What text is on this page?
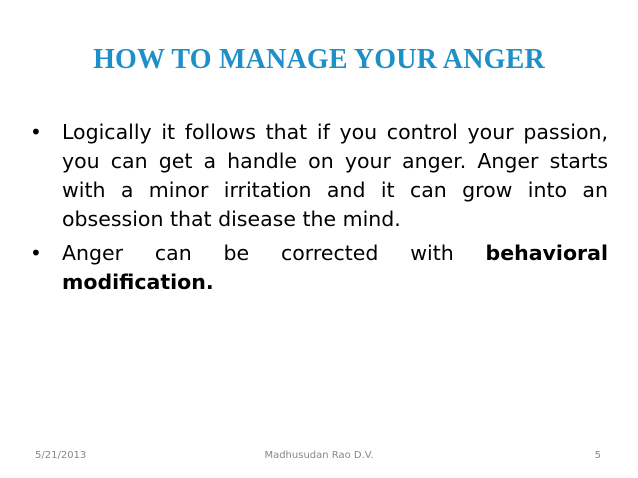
HOW TO MANAGE YOUR ANGER
• Logically it follows that if you control your passion, you can get a handle on your anger. Anger starts with a minor irritation and it can grow into an obsession that disease the mind.
• Anger can be corrected with behavioral modification.
5/21/2013	Madhusudan Rao D.V.	5
